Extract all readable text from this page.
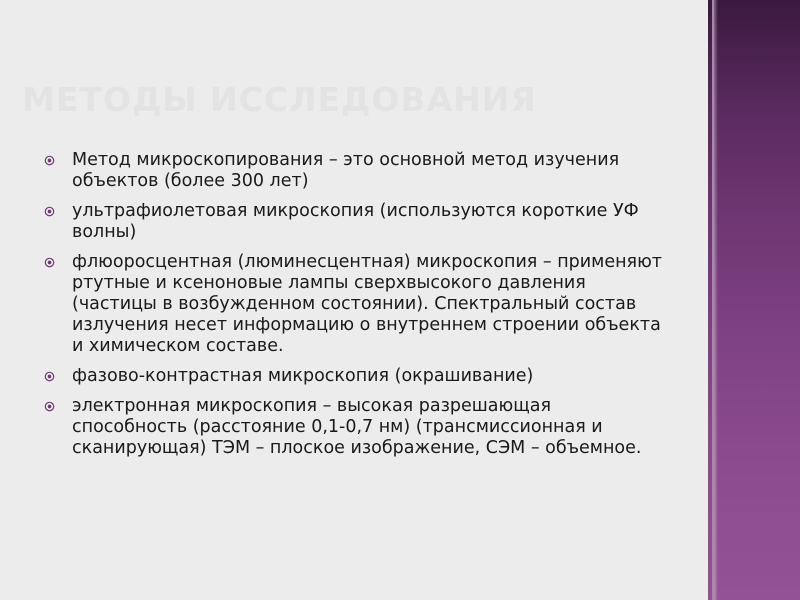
МЕТОДЫ ИССЛЕДОВАНИЯ
Метод микроскопирования – это основной метод изучения объектов (более 300 лет)
ультрафиолетовая микроскопия (используются короткие УФ волны)
флюоросцентная (люминесцентная) микроскопия – применяют ртутные и ксеноновые лампы сверхвысокого давления (частицы в возбужденном состоянии). Спектральный состав излучения несет информацию о внутреннем строении объекта и химическом составе.
фазово-контрастная микроскопия (окрашивание)
электронная микроскопия – высокая разрешающая способность (расстояние 0,1-0,7 нм) (трансмиссионная и сканирующая) ТЭМ – плоское изображение, СЭМ – объемное.
